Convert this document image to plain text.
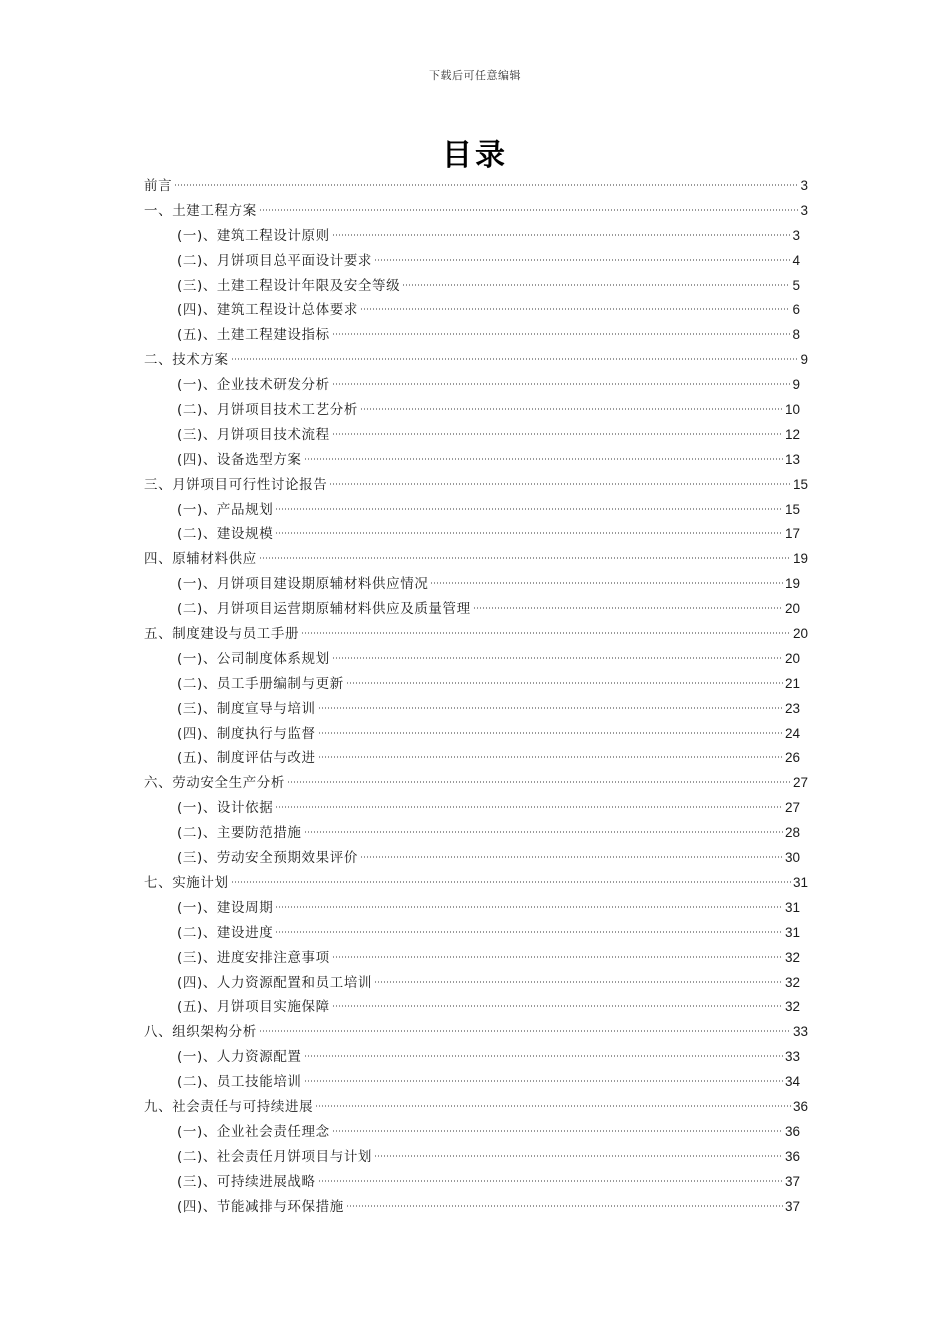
下载后可任意编辑
目录
前言	3
一、土建工程方案	3
(一)、建筑工程设计原则	3
(二)、月饼项目总平面设计要求	4
(三)、土建工程设计年限及安全等级	5
(四)、建筑工程设计总体要求	6
(五)、土建工程建设指标	8
二、技术方案	9
(一)、企业技术研发分析	9
(二)、月饼项目技术工艺分析	10
(三)、月饼项目技术流程	12
(四)、设备选型方案	13
三、月饼项目可行性讨论报告	15
(一)、产品规划	15
(二)、建设规模	17
四、原辅材料供应	19
(一)、月饼项目建设期原辅材料供应情况	19
(二)、月饼项目运营期原辅材料供应及质量管理	20
五、制度建设与员工手册	20
(一)、公司制度体系规划	20
(二)、员工手册编制与更新	21
(三)、制度宣导与培训	23
(四)、制度执行与监督	24
(五)、制度评估与改进	26
六、劳动安全生产分析	27
(一)、设计依据	27
(二)、主要防范措施	28
(三)、劳动安全预期效果评价	30
七、实施计划	31
(一)、建设周期	31
(二)、建设进度	31
(三)、进度安排注意事项	32
(四)、人力资源配置和员工培训	32
(五)、月饼项目实施保障	32
八、组织架构分析	33
(一)、人力资源配置	33
(二)、员工技能培训	34
九、社会责任与可持续进展	36
(一)、企业社会责任理念	36
(二)、社会责任月饼项目与计划	36
(三)、可持续进展战略	37
(四)、节能减排与环保措施	37
